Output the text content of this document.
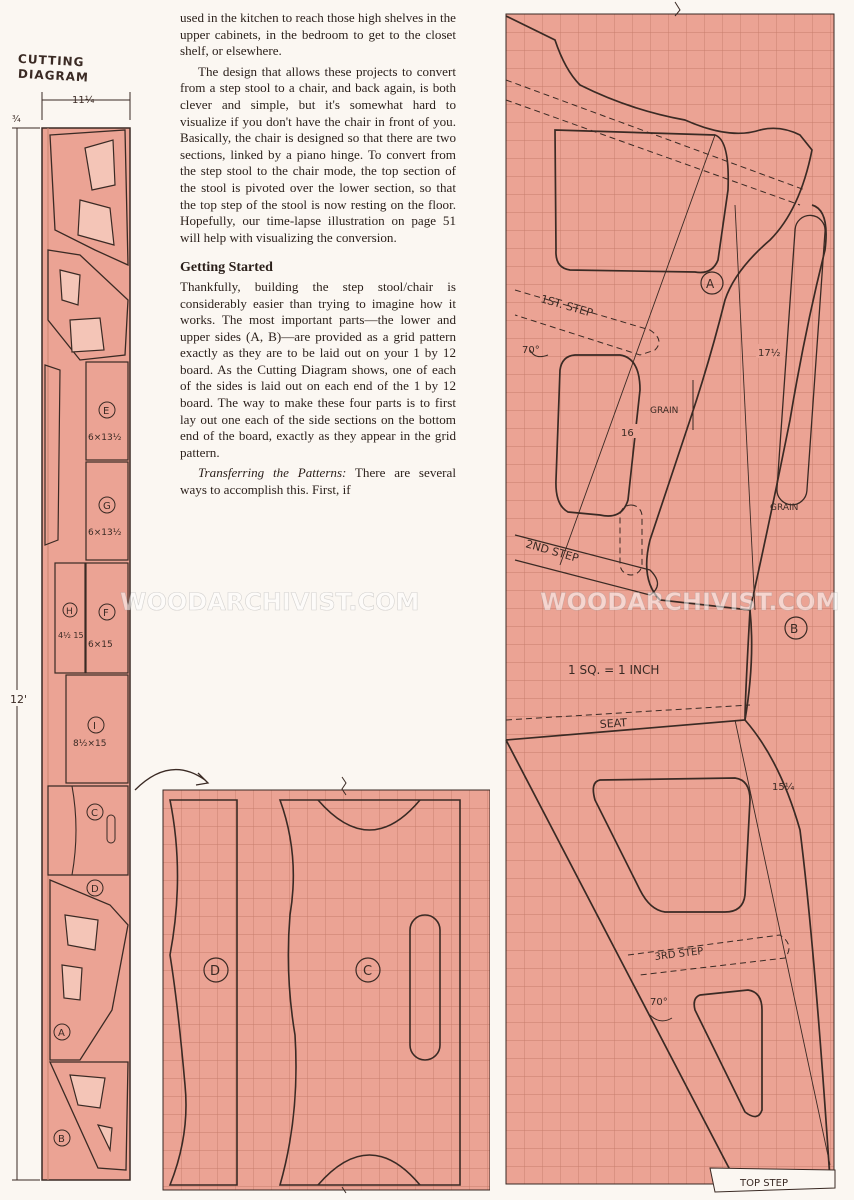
CUTTING
DIAGRAM
11¼
¾
12'
E
6×13½
G
6×13½
H
4½ 15
F
6×15
I
8½×15
C
D
A
B

used in the kitchen to reach those high shelves in the upper cabinets, in the bedroom to get to the closet shelf, or elsewhere.

The design that allows these projects to convert from a step stool to a chair, and back again, is both clever and simple, but it's somewhat hard to visualize if you don't have the chair in front of you. Basically, the chair is designed so that there are two sections, linked by a piano hinge. To convert from the step stool to the chair mode, the top section of the stool is pivoted over the lower section, so that the top step of the stool is now resting on the floor. Hopefully, our time-lapse illustration on page 51 will help with visualizing the conversion.

Getting Started

Thankfully, building the step stool/chair is considerably easier than trying to imagine how it works. The most important parts—the lower and upper sides (A, B)—are provided as a grid pattern exactly as they are to be laid out on your 1 by 12 board. As the Cutting Diagram shows, one of each of the sides is laid out on each end of the 1 by 12 board. The way to make these four parts is to first lay out one each of the side sections on the bottom end of the board, exactly as they appear in the grid pattern.

Transferring the Patterns: There are several ways to accomplish this. First, if

D	C
1ST. STEP
70°
2ND STEP
A
16
17½
GRAIN
GRAIN
B
1 SQ. = 1 INCH
SEAT
15¼
3RD STEP
70°
TOP STEP
WOODARCHIVIST.COM	WOODARCHIVIST.COM
